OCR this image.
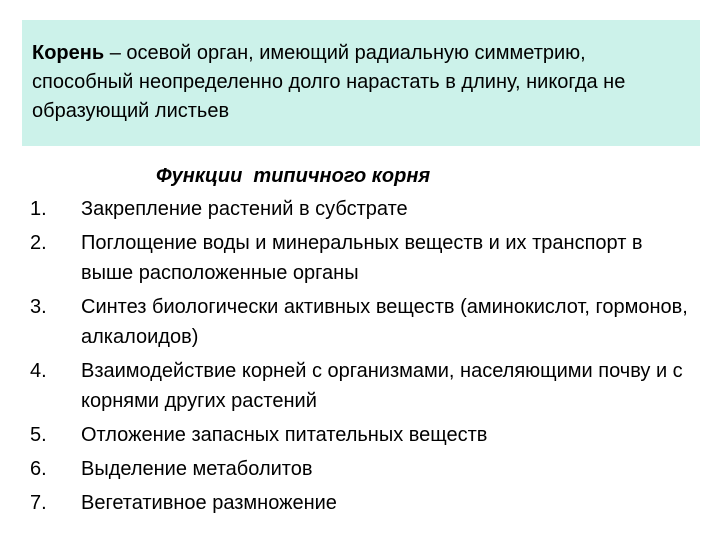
Корень – осевой орган, имеющий радиальную симметрию, способный неопределенно долго нарастать в длину, никогда не образующий листьев
Функции  типичного корня
1.	Закрепление растений в субстрате
2.	Поглощение воды и минеральных веществ и их транспорт в выше расположенные органы
3.	Синтез биологически активных веществ (аминокислот, гормонов, алкалоидов)
4.	Взаимодействие корней с организмами, населяющими почву и с корнями других растений
5.	Отложение запасных питательных веществ
6.	Выделение метаболитов
7.	Вегетативное размножение
